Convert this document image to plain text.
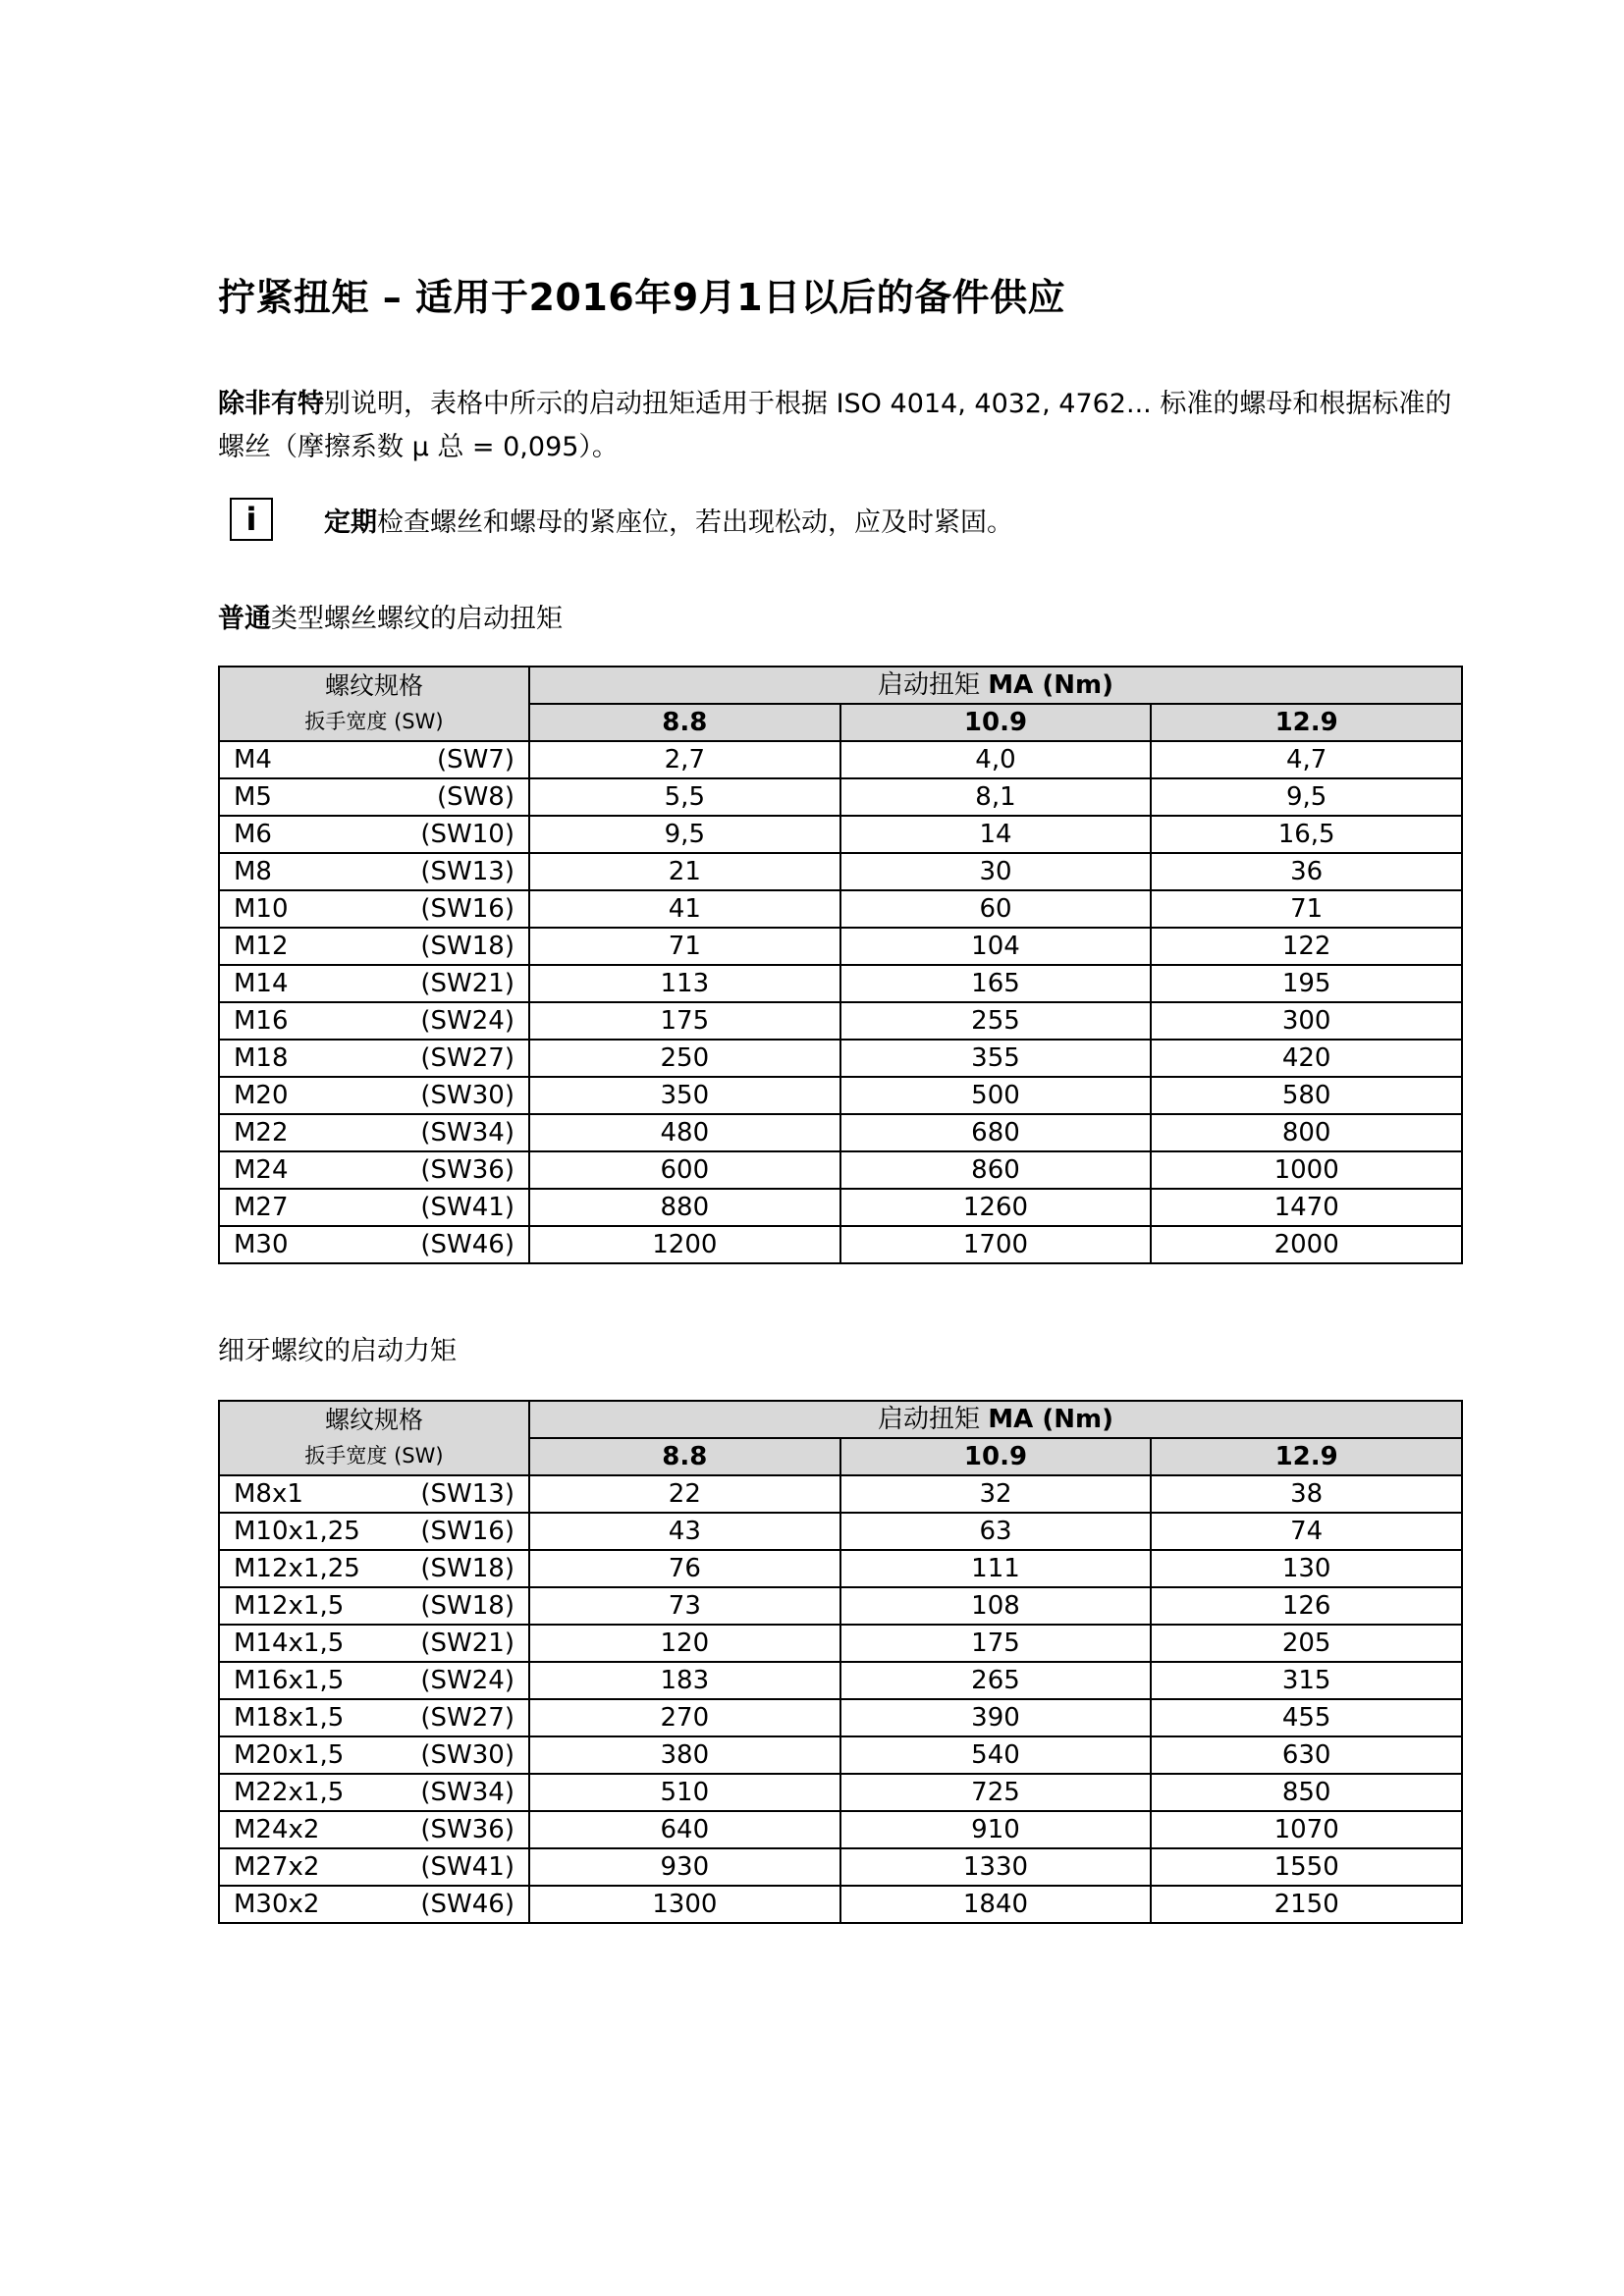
拧紧扭矩 – 适用于2016年9月1日以后的备件供应
除非有特别说明，表格中所示的启动扭矩适用于根据 ISO 4014, 4032, 4762... 标准的螺母和根据标准的螺丝（摩擦系数 µ 总 = 0,095）。
i	定期检查螺丝和螺母的紧座位，若出现松动，应及时紧固。
普通类型螺丝螺纹的启动扭矩
螺纹规格
扳手宽度 (SW)	启动扭矩 MA (Nm)		
	8.8	10.9	12.9

M4 (SW7)	2,7	4,0	4,7

M5 (SW8)	5,5	8,1	9,5

M6 (SW10)	9,5	14	16,5

M8 (SW13)	21	30	36

M10 (SW16)	41	60	71

M12 (SW18)	71	104	122

M14 (SW21)	113	165	195

M16 (SW24)	175	255	300

M18 (SW27)	250	355	420

M20 (SW30)	350	500	580

M22 (SW34)	480	680	800

M24 (SW36)	600	860	1000

M27 (SW41)	880	1260	1470

M30 (SW46)	1200	1700	2000
细牙螺纹的启动力矩
螺纹规格
扳手宽度 (SW)	启动扭矩 MA (Nm)		
	8.8	10.9	12.9

M8x1 (SW13)	22	32	38

M10x1,25 (SW16)	43	63	74

M12x1,25 (SW18)	76	111	130

M12x1,5 (SW18)	73	108	126

M14x1,5 (SW21)	120	175	205

M16x1,5 (SW24)	183	265	315

M18x1,5 (SW27)	270	390	455

M20x1,5 (SW30)	380	540	630

M22x1,5 (SW34)	510	725	850

M24x2 (SW36)	640	910	1070

M27x2 (SW41)	930	1330	1550

M30x2 (SW46)	1300	1840	2150
